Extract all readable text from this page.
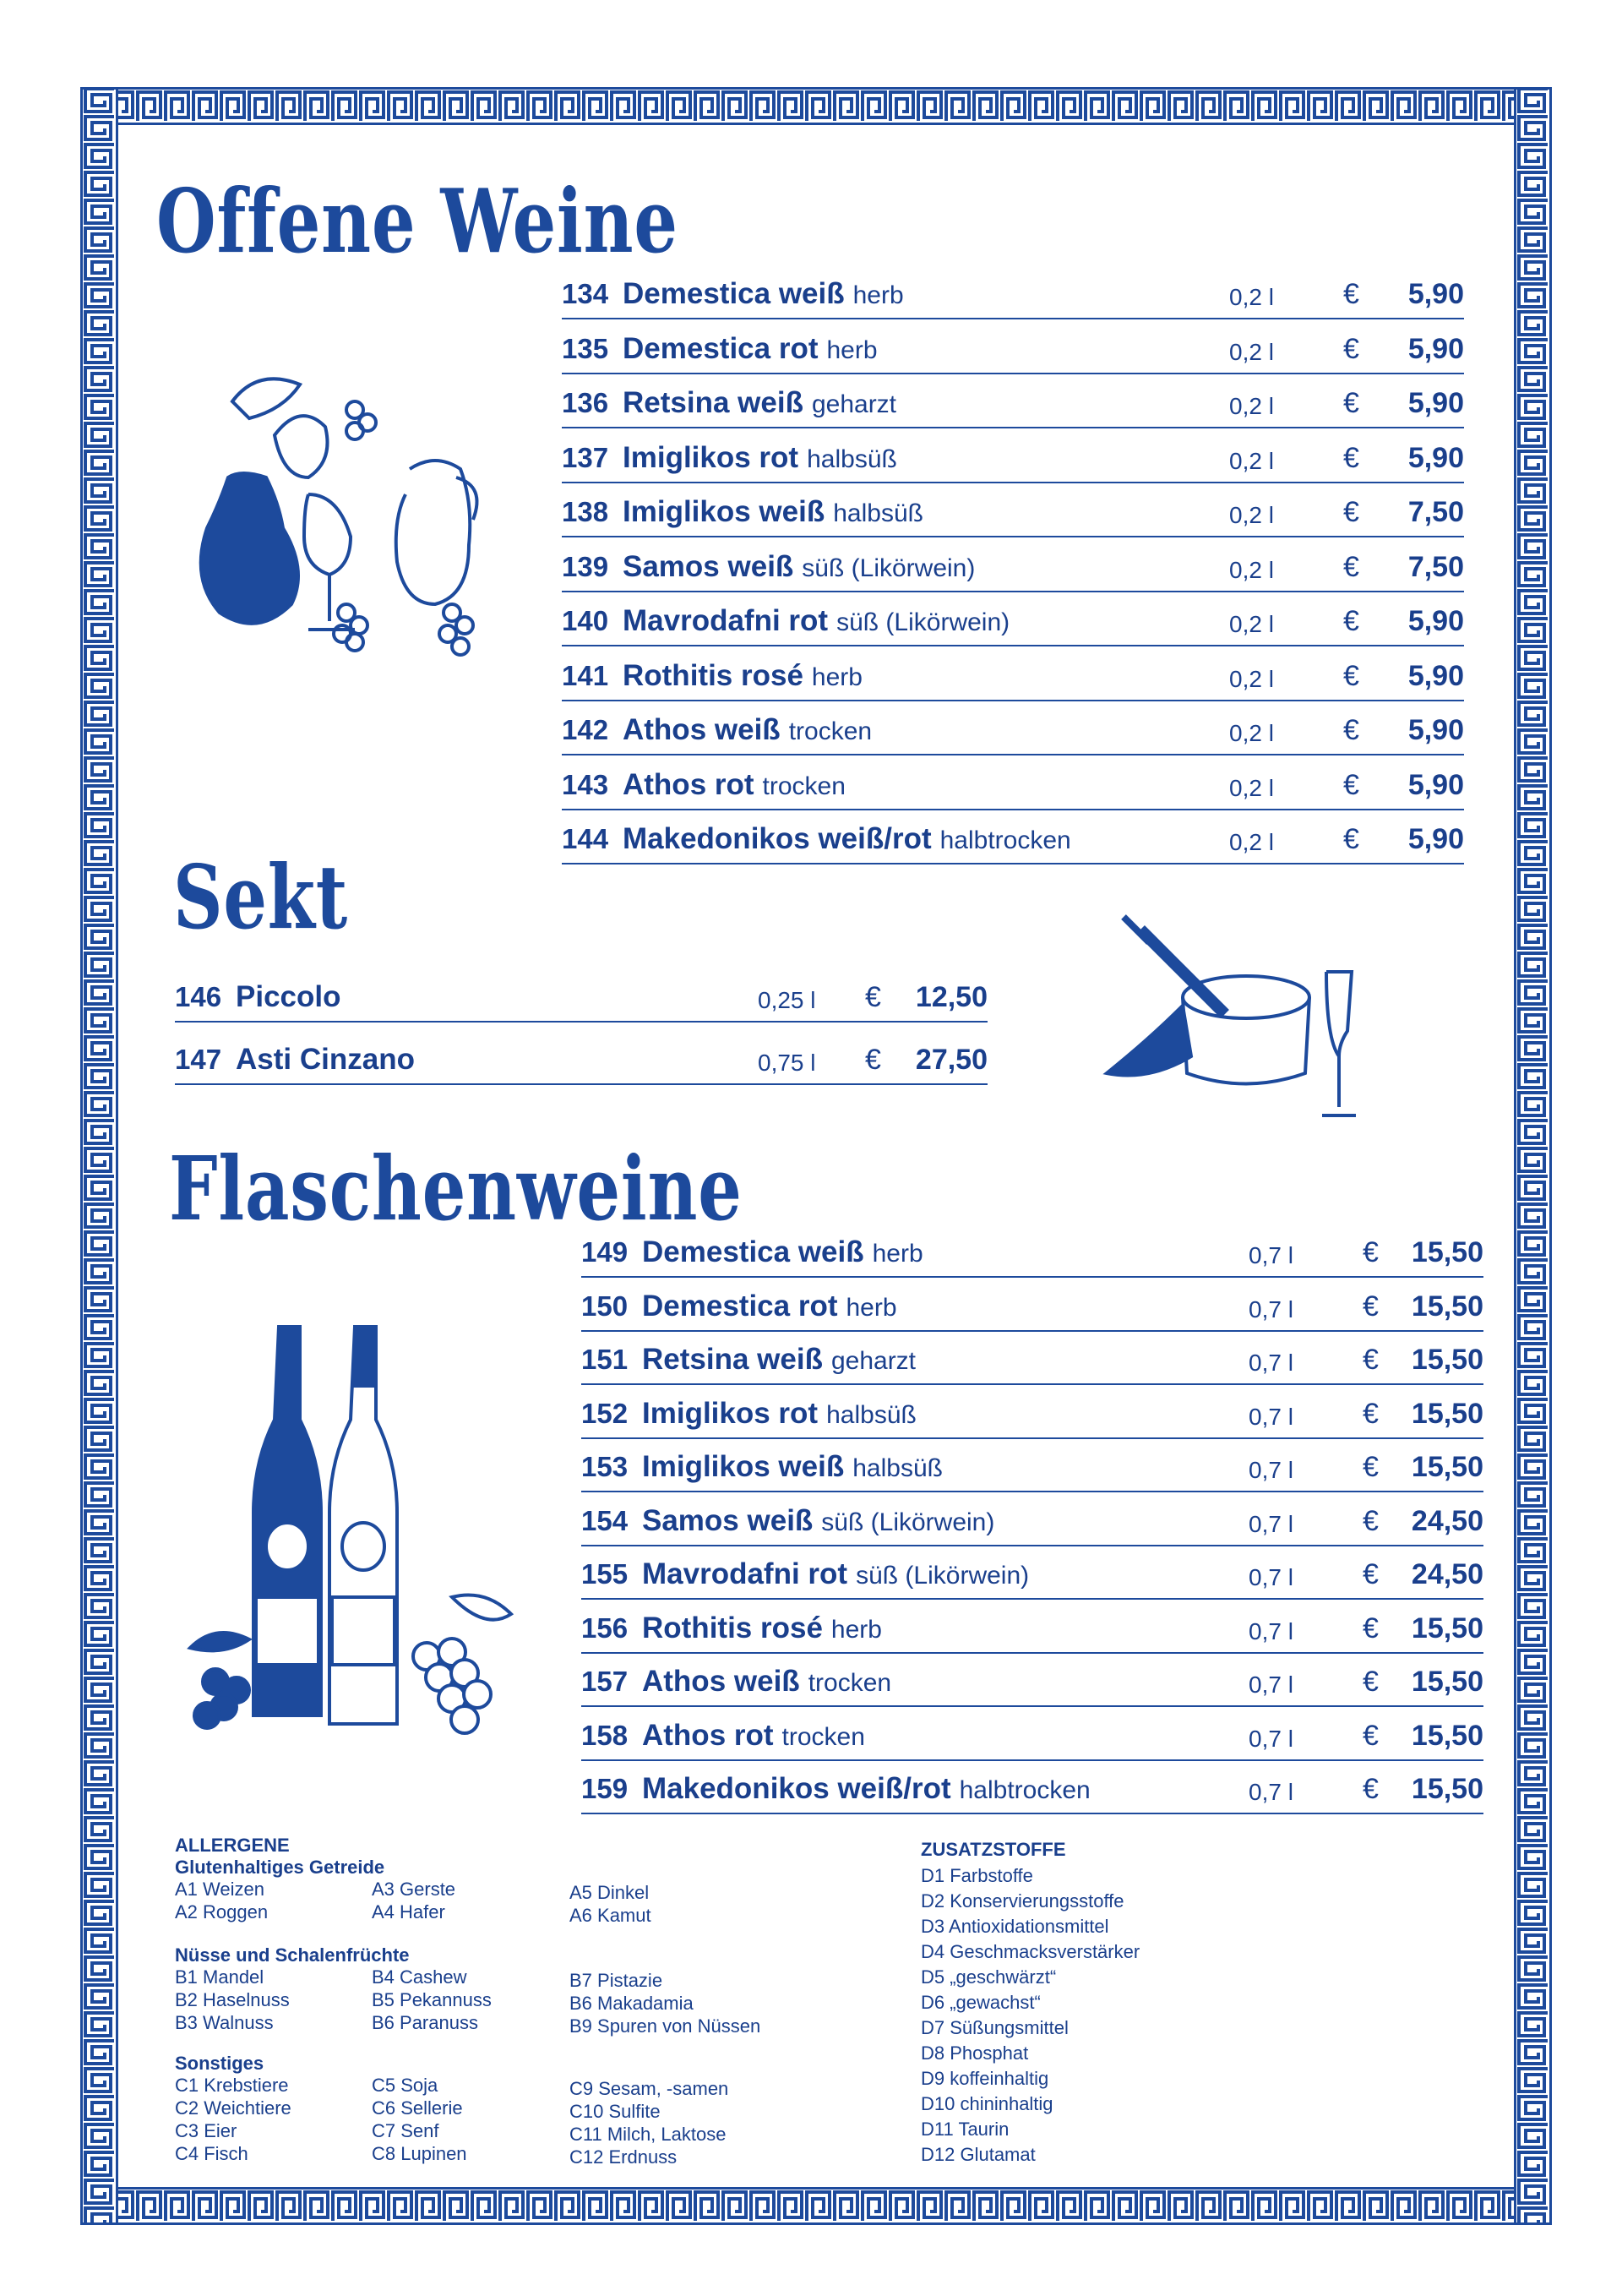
Offene Weine
Sekt
Flaschenweine
134 Demestica weiß herb	0,2 l € 5,90
135 Demestica rot herb	0,2 l € 5,90
136 Retsina weiß geharzt	0,2 l € 5,90
137 Imiglikos rot halbsüß	0,2 l € 5,90
138 Imiglikos weiß halbsüß	0,2 l € 7,50
139 Samos weiß süß (Likörwein)	0,2 l € 7,50
140 Mavrodafni rot süß (Likörwein)	0,2 l € 5,90
141 Rothitis rosé herb	0,2 l € 5,90
142 Athos weiß trocken	0,2 l € 5,90
143 Athos rot trocken	0,2 l € 5,90
144 Makedonikos weiß/rot halbtrocken	0,2 l € 5,90
146 Piccolo	0,25 l € 12,50
147 Asti Cinzano	0,75 l € 27,50
149 Demestica weiß herb	0,7 l € 15,50
150 Demestica rot herb	0,7 l € 15,50
151 Retsina weiß geharzt	0,7 l € 15,50
152 Imiglikos rot halbsüß	0,7 l € 15,50
153 Imiglikos weiß halbsüß	0,7 l € 15,50
154 Samos weiß süß (Likörwein)	0,7 l € 24,50
155 Mavrodafni rot süß (Likörwein)	0,7 l € 24,50
156 Rothitis rosé herb	0,7 l € 15,50
157 Athos weiß trocken	0,7 l € 15,50
158 Athos rot trocken	0,7 l € 15,50
159 Makedonikos weiß/rot halbtrocken	0,7 l € 15,50
ALLERGENE
Glutenhaltiges Getreide
A1 Weizen
A2 Roggen
A3 Gerste
A4 Hafer
A5 Dinkel
A6 Kamut
Nüsse und Schalenfrüchte
B1 Mandel
B2 Haselnuss
B3 Walnuss
B4 Cashew
B5 Pekannuss
B6 Paranuss
B7 Pistazie
B6 Makadamia
B9 Spuren von Nüssen
Sonstiges
C1 Krebstiere
C2 Weichtiere
C3 Eier
C4 Fisch
C5 Soja
C6 Sellerie
C7 Senf
C8 Lupinen
C9 Sesam, -samen
C10 Sulfite
C11 Milch, Laktose
C12 Erdnuss
ZUSATZSTOFFE
D1 Farbstoffe
D2 Konservierungsstoffe
D3 Antioxidationsmittel
D4 Geschmacksverstärker
D5 „geschwärzt“
D6 „gewachst“
D7 Süßungsmittel
D8 Phosphat
D9 koffeinhaltig
D10 chininhaltig
D11 Taurin
D12 Glutamat
